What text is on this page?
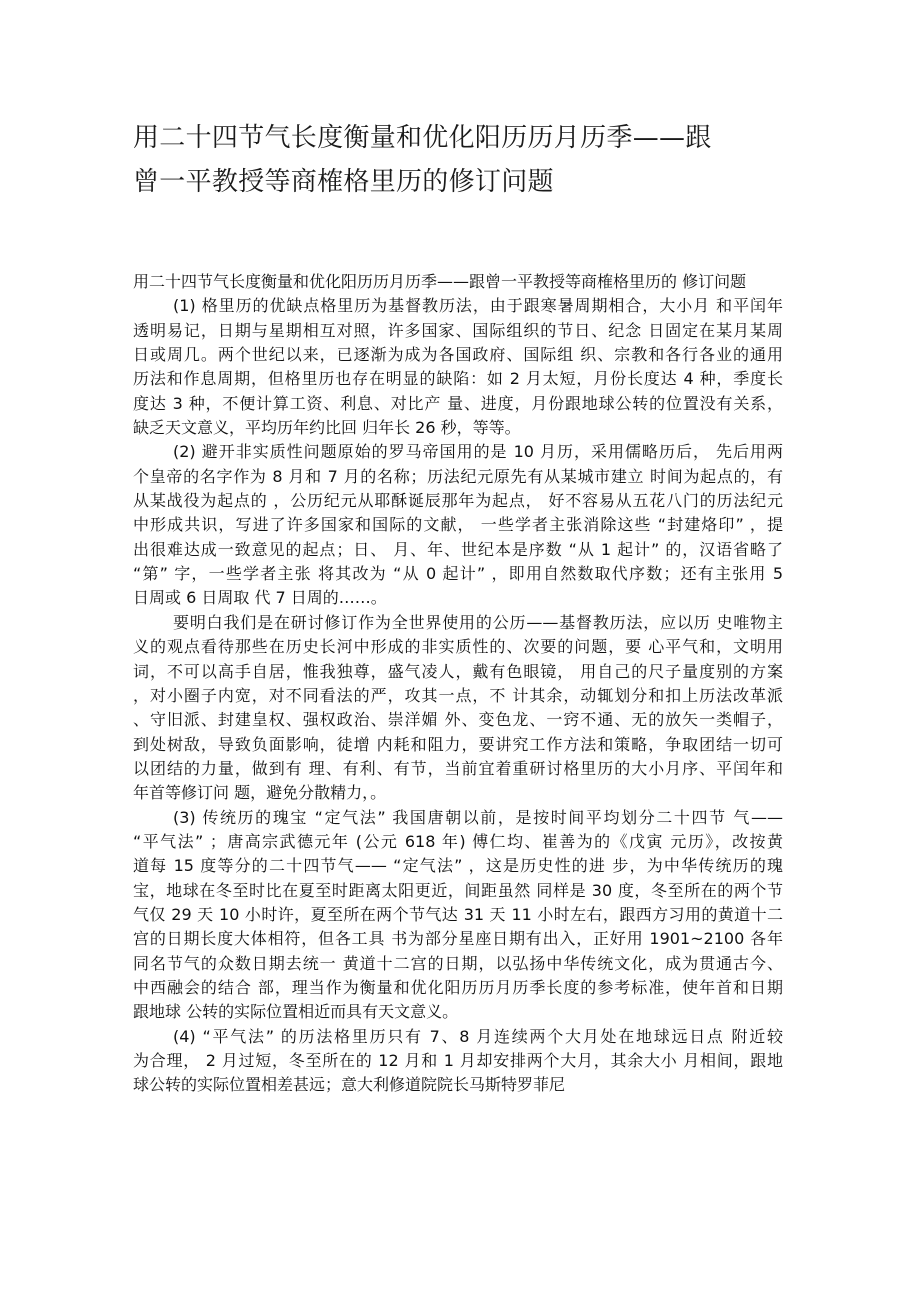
用二十四节气长度衡量和优化阳历历月历季——跟
曾一平教授等商榷格里历的修订问题
用二十四节气长度衡量和优化阳历历月历季——跟曾一平教授等商榷格里历的 修订问题
(1) 格里历的优缺点格里历为基督教历法，由于跟寒暑周期相合，大小月 和平闰年
透明易记，日期与星期相互对照，许多国家、国际组织的节日、纪念 日固定在某月某周
日或周几。两个世纪以来，已逐渐为成为各国政府、国际组 织、宗教和各行各业的通用
历法和作息周期，但格里历也存在明显的缺陷：如 2 月太短，月份长度达 4 种，季度长
度达 3 种，不便计算工资、利息、对比产 量、进度，月份跟地球公转的位置没有关系，
缺乏天文意义，平均历年约比回 归年长 26 秒，等等。
(2) 避开非实质性问题原始的罗马帝国用的是 10 月历，采用儒略历后， 先后用两
个皇帝的名字作为 8 月和 7 月的名称；历法纪元原先有从某城市建立 时间为起点的，有
从某战役为起点的 ，公历纪元从耶酥诞辰那年为起点， 好不容易从五花八门的历法纪元
中形成共识，写进了许多国家和国际的文献， 一些学者主张消除这些 “封建烙印” ，提
出很难达成一致意见的起点；日、 月、年、世纪本是序数 “从 1 起计” 的，汉语省略了
“第” 字，一些学者主张 将其改为 “从 0 起计” ，即用自然数取代序数；还有主张用 5
日周或 6 日周取 代 7 日周的……。
要明白我们是在研讨修订作为全世界使用的公历——基督教历法，应以历 史唯物主
义的观点看待那些在历史长河中形成的非实质性的、次要的问题，要 心平气和，文明用
词，不可以高手自居，惟我独尊，盛气凌人，戴有色眼镜， 用自己的尺子量度别的方案
，对小圈子内宽，对不同看法的严，攻其一点，不 计其余，动辄划分和扣上历法改革派
、守旧派、封建皇权、强权政治、崇洋媚 外、变色龙、一窍不通、无的放矢一类帽子，
到处树敌，导致负面影响，徒增 内耗和阻力，要讲究工作方法和策略，争取团结一切可
以团结的力量，做到有 理、有利、有节，当前宜着重研讨格里历的大小月序、平闰年和
年首等修订问 题，避免分散精力，。
(3) 传统历的瑰宝 “定气法” 我国唐朝以前，是按时间平均划分二十四节 气——
“平气法” ；唐高宗武德元年 (公元 618 年) 傅仁均、崔善为的《戊寅 元历》，改按黄
道每 15 度等分的二十四节气—— “定气法” ，这是历史性的进 步，为中华传统历的瑰
宝，地球在冬至时比在夏至时距离太阳更近，间距虽然 同样是 30 度，冬至所在的两个节
气仅 29 天 10 小时许，夏至所在两个节气达 31 天 11 小时左右，跟西方习用的黄道十二
宫的日期长度大体相符，但各工具 书为部分星座日期有出入，正好用 1901~2100 各年
同名节气的众数日期去统一 黄道十二宫的日期，以弘扬中华传统文化，成为贯通古今、
中西融会的结合 部，理当作为衡量和优化阳历历月历季长度的参考标准，使年首和日期
跟地球 公转的实际位置相近而具有天文意义。
(4) “平气法” 的历法格里历只有 7、8 月连续两个大月处在地球远日点 附近较
为合理， 2 月过短，冬至所在的 12 月和 1 月却安排两个大月，其余大小 月相间，跟地
球公转的实际位置相差甚远；意大利修道院院长马斯特罗菲尼
